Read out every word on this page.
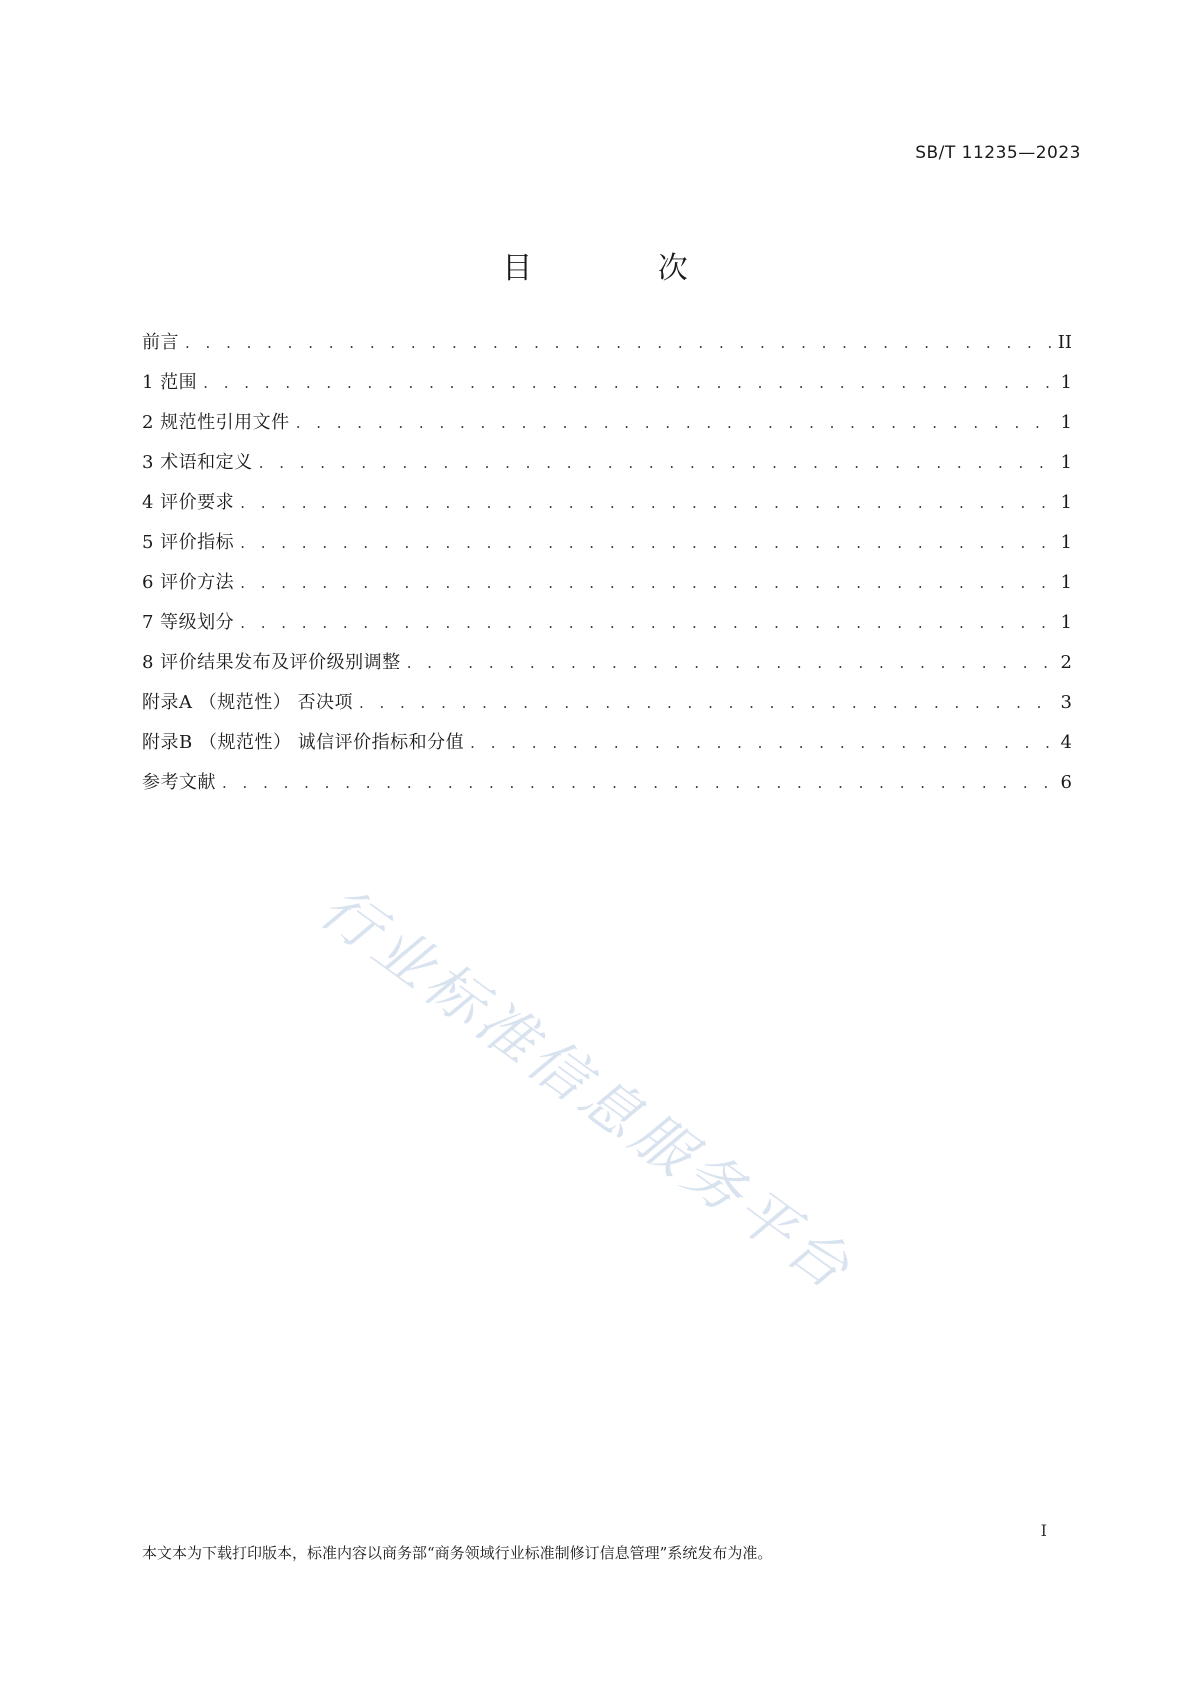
SB/T 11235—2023
目 次
前言 . . .	II
1 范围 . . .	1
2 规范性引用文件 . . .	1
3 术语和定义 . . .	1
4 评价要求 . . .	1
5 评价指标 . . .	1
6 评价方法 . . .	1
7 等级划分 . . .	1
8 评价结果发布及评价级别调整 . . .	2
附录A （规范性） 否决项 . . .	3
附录B （规范性） 诚信评价指标和分值 . . .	4
参考文献 . . .	6
行业标准信息服务平台
I
本文本为下载打印版本，标准内容以商务部“商务领域行业标准制修订信息管理”系统发布为准。
